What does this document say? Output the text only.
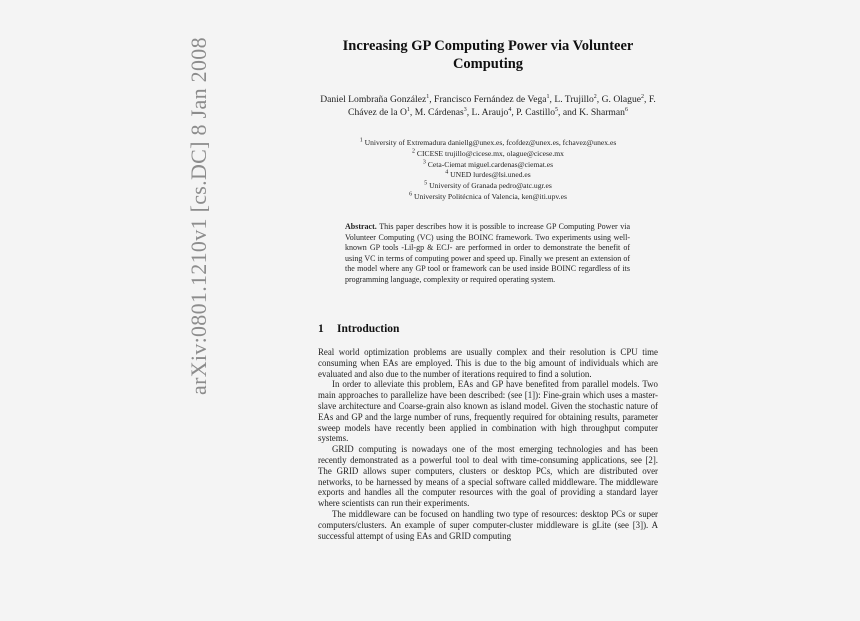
arXiv:0801.1210v1 [cs.DC] 8 Jan 2008	Increasing GP Computing Power via Volunteer Computing
Daniel Lombraña González$^1$, Francisco Fernández de Vega$^1$, L. Trujillo$^2$, G. Olague$^2$, F. Chávez de la $O^1$, M. Cárdenas$^3$, L. Araujo$^4$, P. Castillo$^5$, and K. Sharman$^6$
$^1$ University of Extremadura daniellg@unex.es, fcofdez@unex.es, fchavez@unex.es
$^2$ CICESE trujillo@cicese.mx, olague@cicese.mx
$^3$ Ceta-Ciemat miguel.cardenas@ciemat.es
$^4$ UNED lurdes@lsi.uned.es
$^5$ University of Granada pedro@atc.ugr.es
$^6$ University Politécnica of Valencia, ken@iti.upv.es
Abstract. This paper describes how it is possible to increase GP Computing Power via Volunteer Computing (VC) using the BOINC framework. Two experiments using well-known GP tools -Lil-gp & ECJ- are performed in order to demonstrate the benefit of using VC in terms of computing power and speed up. Finally we present an extension of the model where any GP tool or framework can be used inside BOINC regardless of its programming language, complexity or required operating system.
1 Introduction

Real world optimization problems are usually complex and their resolution is CPU time consuming when EAs are employed. This is due to the big amount of individuals which are evaluated and also due to the number of iterations required to find a solution.

In order to alleviate this problem, EAs and GP have benefited from parallel models. Two main approaches to parallelize have been described: (see [1]): Fine-grain which uses a master-slave architecture and Coarse-grain also known as island model. Given the stochastic nature of EAs and GP and the large number of runs, frequently required for obtaining results, parameter sweep models have recently been applied in combination with high throughput computer systems.

GRID computing is nowadays one of the most emerging technologies and has been recently demonstrated as a powerful tool to deal with time-consuming applications, see [2]. The GRID allows super computers, clusters or desktop PCs, which are distributed over networks, to be harnessed by means of a special software called middleware. The middleware exports and handles all the computer resources with the goal of providing a standard layer where scientists can run their experiments.

The middleware can be focused on handling two type of resources: desktop PCs or super computers/clusters. An example of super computer-cluster middleware is gLite (see [3]). A successful attempt of using EAs and GRID computing
